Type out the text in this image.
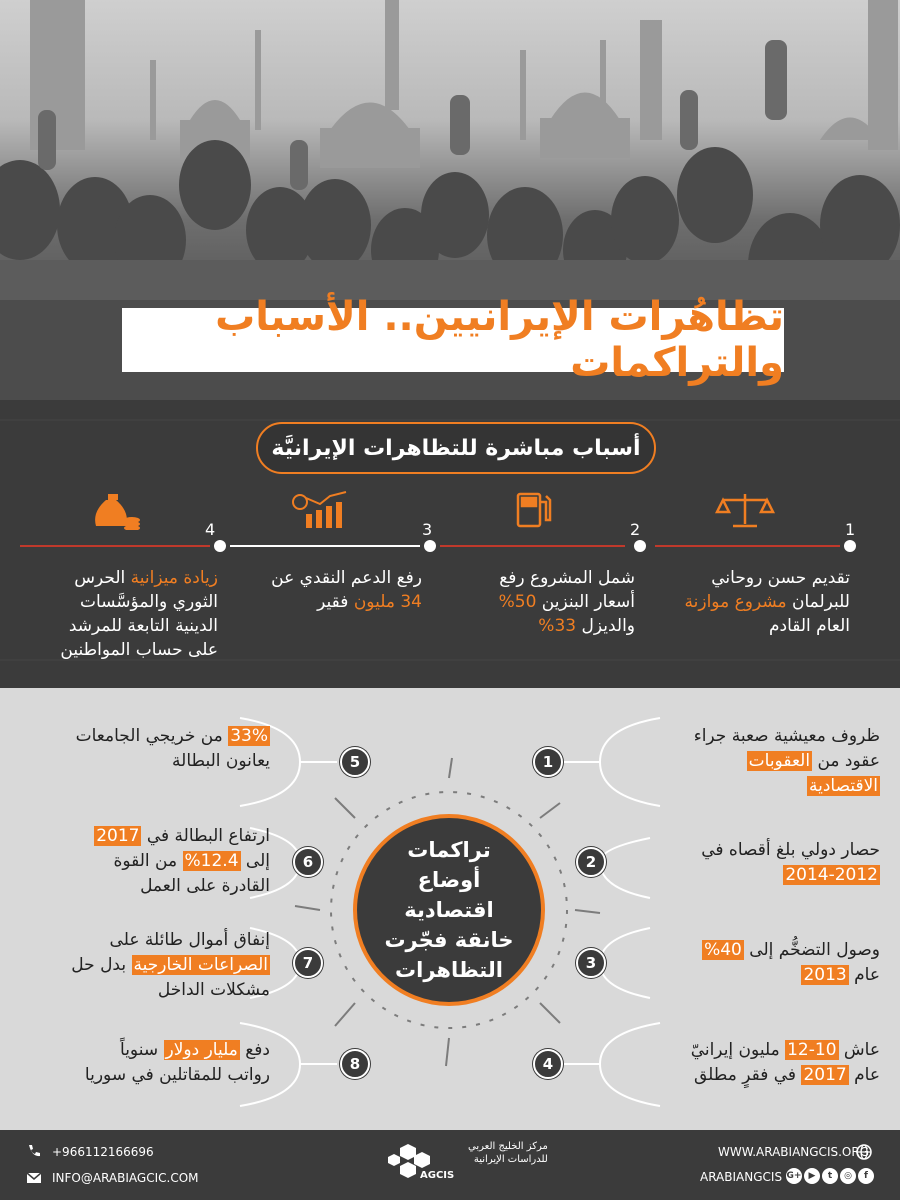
تظاهُرات الإيرانيين.. الأسباب والتراكمات
أسباب مباشرة للتظاهرات الإيرانيَّة
1
2
3
4
تقديم حسن روحاني
للبرلمان مشروع موازنة
العام القادم
شمل المشروع رفع
أسعار البنزين 50%
والديزل 33%
رفع الدعم النقدي عن
34 مليون فقير
زيادة ميزانية الحرس
الثوري والمؤسَّسات
الدينية التابعة للمرشد
على حساب المواطنين
1
2
3
4
5
6
7
8
تراكمات أوضاع اقتصادية خانقة فجّرت التظاهرات
ظروف معيشية صعبة جراء
عقود من العقوبات
الاقتصادية
حصار دولي بلغ أقصاه في
2014-2012
وصول التضخُّم إلى 40%
عام 2013
عاش 10-12 مليون إيرانيّ
عام 2017 في فقرٍ مطلق
33% من خريجي الجامعات
يعانون البطالة
ارتفاع البطالة في 2017
إلى 12.4% من القوة
القادرة على العمل
إنفاق أموال طائلة على
الصراعات الخارجية بدل حل
مشكلات الداخل
دفع مليار دولار سنوياً
رواتب للمقاتلين في سوريا
+966112166696
INFO@ARABIAGCIC.COM
مركز الخليج العربي
للدراسات الإيرانية
AGCIS
WWW.ARABIANGCIS.ORG
ARABIANGCIS G+ ▶	t	◎	f
